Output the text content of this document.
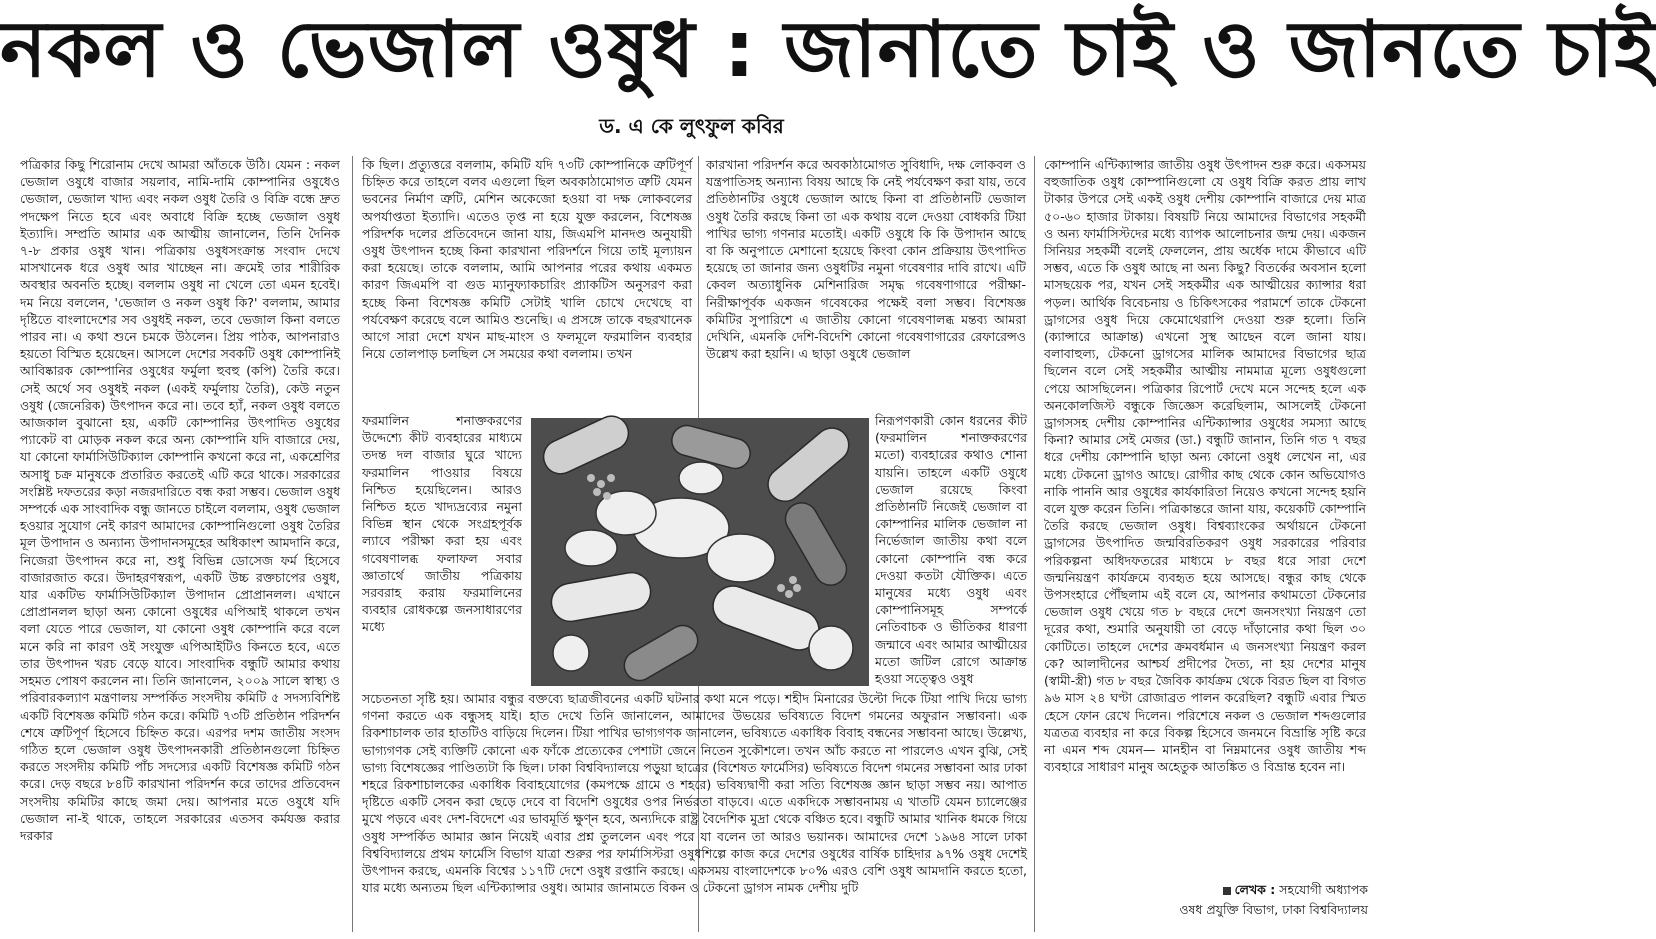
নকল ও ভেজাল ওষুধ : জানাতে চাই ও জানতে চাই
ড. এ কে লুৎফুল কবির

পত্রিকার কিছু শিরোনাম দেখে আমরা আঁতকে উঠি। যেমন : নকল ভেজাল ওষুধে বাজার সয়লাব, নামি-দামি কোম্পানির ওষুধেও ভেজাল, ভেজাল খাদ্য এবং নকল ওষুধ তৈরি ও বিক্রি বন্ধে দ্রুত পদক্ষেপ নিতে হবে এবং অবাধে বিক্রি হচ্ছে ভেজাল ওষুধ ইত্যাদি। সম্প্রতি আমার এক আত্মীয় জানালেন, তিনি দৈনিক ৭-৮ প্রকার ওষুধ খান। পত্রিকায় ওষুধসংক্রান্ত সংবাদ দেখে মাসখানেক ধরে ওষুধ আর খাচ্ছেন না। ক্রমেই তার শারীরিক অবস্থার অবনতি হচ্ছে। বললাম ওষুধ না খেলে তো এমন হবেই। দম নিয়ে বললেন, 'ভেজাল ও নকল ওষুধ কি?' বললাম, আমার দৃষ্টিতে বাংলাদেশের সব ওষুধই নকল, তবে ভেজাল কিনা বলতে পারব না। এ কথা শুনে চমকে উঠলেন। প্রিয় পাঠক, আপনারাও হয়তো বিস্মিত হয়েছেন। আসলে দেশের সবকটি ওষুধ কোম্পানিই আবিষ্কারক কোম্পানির ওষুধের ফর্মুলা হুবহু (কপি) তৈরি করে। সেই অর্থে সব ওষুধই নকল (একই ফর্মুলায় তৈরি), কেউ নতুন ওষুধ (জেনেরিক) উৎপাদন করে না। তবে হ্যাঁ, নকল ওষুধ বলতে আজকাল বুঝানো হয়, একটি কোম্পানির উৎপাদিত ওষুধের প্যাকেট বা মোড়ক নকল করে অন্য কোম্পানি যদি বাজারে দেয়, যা কোনো ফার্মাসিউটিক্যাল কোম্পানি কখনো করে না, একশ্রেণির অসাধু চক্র মানুষকে প্রতারিত করতেই এটি করে থাকে। সরকারের সংশ্লিষ্ট দফতরের কড়া নজরদারিতে বন্ধ করা সম্ভব। ভেজাল ওষুধ সম্পর্কে এক সাংবাদিক বন্ধু জানতে চাইলে বললাম, ওষুধ ভেজাল হওয়ার সুযোগ নেই কারণ আমাদের কোম্পানিগুলো ওষুধ তৈরির মূল উপাদান ও অন্যান্য উপাদানসমূহের অধিকাংশ আমদানি করে, নিজেরা উৎপাদন করে না, শুধু বিভিন্ন ডোসেজ ফর্ম হিসেবে বাজারজাত করে। উদাহরণস্বরূপ, একটি উচ্চ রক্তচাপের ওষুধ, যার একটিভ ফার্মাসিউটিক্যাল উপাদান প্রোপ্রানলল। এখানে প্রোপ্রানলল ছাড়া অন্য কোনো ওষুধের এপিআই থাকলে তখন বলা যেতে পারে ভেজাল, যা কোনো ওষুধ কোম্পানি করে বলে মনে করি না কারণ ওই সংযুক্ত এপিআইটিও কিনতে হবে, এতে তার উৎপাদন খরচ বেড়ে যাবে। সাংবাদিক বন্ধুটি আমার কথায় সহমত পোষণ করলেন না। তিনি জানালেন, ২০০৯ সালে স্বাস্থ্য ও পরিবারকল্যাণ মন্ত্রণালয় সম্পর্কিত সংসদীয় কমিটি ৫ সদস্যবিশিষ্ট একটি বিশেষজ্ঞ কমিটি গঠন করে। কমিটি ৭৩টি প্রতিষ্ঠান পরিদর্শন শেষে ত্রুটিপূর্ণ হিসেবে চিহ্নিত করে। এরপর দশম জাতীয় সংসদ গঠিত হলে ভেজাল ওষুধ উৎপাদনকারী প্রতিষ্ঠানগুলো চিহ্নিত করতে সংসদীয় কমিটি পাঁচ সদস্যের একটি বিশেষজ্ঞ কমিটি গঠন করে। দেড় বছরে ৮৪টি কারখানা পরিদর্শন করে তাদের প্রতিবেদন সংসদীয় কমিটির কাছে জমা দেয়। আপনার মতে ওষুধে যদি ভেজাল না-ই থাকে, তাহলে সরকারের এতসব কর্মযজ্ঞ করার দরকার

কি ছিল। প্রত্যুত্তরে বললাম, কমিটি যদি ৭৩টি কোম্পানিকে ত্রুটিপূর্ণ চিহ্নিত করে তাহলে বলব এগুলো ছিল অবকাঠামোগত ত্রুটি যেমন ভবনের নির্মাণ ত্রুটি, মেশিন অকেজো হওয়া বা দক্ষ লোকবলের অপর্যাপ্ততা ইত্যাদি। এতেও তৃপ্ত না হয়ে যুক্ত করলেন, বিশেষজ্ঞ পরিদর্শক দলের প্রতিবেদনে জানা যায়, জিএমপি মানদণ্ড অনুযায়ী ওষুধ উৎপাদন হচ্ছে কিনা কারখানা পরিদর্শনে গিয়ে তাই মূল্যায়ন করা হয়েছে। তাকে বললাম, আমি আপনার পরের কথায় একমত কারণ জিএমপি বা গুড ম্যানুফ্যাকচারিং প্র্যাকটিস অনুসরণ করা হচ্ছে কিনা বিশেষজ্ঞ কমিটি সেটাই খালি চোখে দেখেছে বা পর্যবেক্ষণ করেছে বলে আমিও শুনেছি। এ প্রসঙ্গে তাকে বছরখানেক আগে সারা দেশে যখন মাছ-মাংস ও ফলমূলে ফরমালিন ব্যবহার নিয়ে তোলপাড় চলছিল সে সময়ের কথা বললাম। তখন

কারখানা পরিদর্শন করে অবকাঠামোগত সুবিধাদি, দক্ষ লোকবল ও যন্ত্রপাতিসহ অন্যান্য বিষয় আছে কি নেই পর্যবেক্ষণ করা যায়, তবে প্রতিষ্ঠানটির ওষুধে ভেজাল আছে কিনা বা প্রতিষ্ঠানটি ভেজাল ওষুধ তৈরি করছে কিনা তা এক কথায় বলে দেওয়া বোধকরি টিয়া পাখির ভাগ্য গণনার মতোই। একটি ওষুধে কি কি উপাদান আছে বা কি অনুপাতে মেশানো হয়েছে কিংবা কোন প্রক্রিয়ায় উৎপাদিত হয়েছে তা জানার জন্য ওষুধটির নমুনা গবেষণার দাবি রাখে। এটি কেবল অত্যাধুনিক মেশিনারিজ সমৃদ্ধ গবেষণাগারে পরীক্ষা-নিরীক্ষাপূর্বক একজন গবেষকের পক্ষেই বলা সম্ভব। বিশেষজ্ঞ কমিটির সুপারিশে এ জাতীয় কোনো গবেষণালব্ধ মন্তব্য আমরা দেখিনি, এমনকি দেশি-বিদেশি কোনো গবেষণাগারের রেফারেন্সও উল্লেখ করা হয়নি। এ ছাড়া ওষুধে ভেজাল

ফরমালিন শনাক্তকরণের উদ্দেশ্যে কীট ব্যবহারের মাধ্যমে তদন্ত দল বাজার ঘুরে খাদ্যে ফরমালিন পাওয়ার বিষয়ে নিশ্চিত হয়েছিলেন। আরও নিশ্চিত হতে খাদ্যদ্রব্যের নমুনা বিভিন্ন স্থান থেকে সংগ্রহপূর্বক ল্যাবে পরীক্ষা করা হয় এবং গবেষণালব্ধ ফলাফল সবার জ্ঞাতার্থে জাতীয় পত্রিকায় সরবরাহ করায় ফরমালিনের ব্যবহার রোধকল্পে জনসাধারণের মধ্যে

নিরূপণকারী কোন ধরনের কীট (ফরমালিন শনাক্তকরণের মতো) ব্যবহারের কথাও শোনা যায়নি। তাহলে একটি ওষুধে ভেজাল রয়েছে কিংবা প্রতিষ্ঠানটি নিজেই ভেজাল বা কোম্পানির মালিক ভেজাল না নির্ভেজাল জাতীয় কথা বলে কোনো কোম্পানি বন্ধ করে দেওয়া কতটা যৌক্তিক। এতে মানুষের মধ্যে ওষুধ এবং কোম্পানিসমূহ সম্পর্কে নেতিবাচক ও ভীতিকর ধারণা জন্মাবে এবং আমার আত্মীয়ের মতো জটিল রোগে আক্রান্ত হওয়া সত্ত্বেও ওষুধ

সচেতনতা সৃষ্টি হয়। আমার বন্ধুর বক্তব্যে ছাত্রজীবনের একটি ঘটনার কথা মনে পড়ে। শহীদ মিনারের উল্টো দিকে টিয়া পাখি দিয়ে ভাগ্য গণনা করতে এক বন্ধুসহ যাই। হাত দেখে তিনি জানালেন, আমাদের উভয়ের ভবিষ্যতে বিদেশ গমনের অফুরান সম্ভাবনা। এক রিকশাচালক তার হাতটিও বাড়িয়ে দিলেন। টিয়া পাখির ভাগ্যগণক জানালেন, ভবিষ্যতে একাধিক বিবাহ বন্ধনের সম্ভাবনা আছে। উল্লেখ্য, ভাগ্যগণক সেই ব্যক্তিটি কোনো এক ফাঁকে প্রত্যেকের পেশাটা জেনে নিতেন সুকৌশলে। তখন আঁচ করতে না পারলেও এখন বুঝি, সেই ভাগ্য বিশেষজ্ঞের পাণ্ডিত্যটা কি ছিল। ঢাকা বিশ্ববিদ্যালয়ে পড়ুয়া ছাত্রের (বিশেষত ফার্মেসির) ভবিষ্যতে বিদেশ গমনের সম্ভাবনা আর ঢাকা শহরে রিকশাচালকের একাধিক বিবাহযোগের (কমপক্ষে গ্রামে ও শহরে) ভবিষ্যদ্বাণী করা সত্যি বিশেষজ্ঞ জ্ঞান ছাড়া সম্ভব নয়। আপাত দৃষ্টিতে একটি সেবন করা ছেড়ে দেবে বা বিদেশি ওষুধের ওপর নির্ভরতা বাড়বে। এতে একদিকে সম্ভাবনাময় এ খাতটি যেমন চ্যালেঞ্জের মুখে পড়বে এবং দেশ-বিদেশে এর ভাবমূর্তি ক্ষুণ্ন হবে, অন্যদিকে রাষ্ট্র বৈদেশিক মুদ্রা থেকে বঞ্চিত হবে। বন্ধুটি আমার খানিক ধমকে গিয়ে ওষুধ সম্পর্কিত আমার জ্ঞান নিয়েই এবার প্রশ্ন তুললেন এবং পরে যা বলেন তা আরও ভয়ানক। আমাদের দেশে ১৯৬৪ সালে ঢাকা বিশ্ববিদ্যালয়ে প্রথম ফার্মেসি বিভাগ যাত্রা শুরুর পর ফার্মাসিস্টরা ওষুধশিল্পে কাজ করে দেশের ওষুধের বার্ষিক চাহিদার ৯৭% ওষুধ দেশেই উৎপাদন করছে, এমনকি বিশ্বের ১১৭টি দেশে ওষুধ রপ্তানি করছে। একসময় বাংলাদেশকে ৮০% এরও বেশি ওষুধ আমদানি করতে হতো, যার মধ্যে অন্যতম ছিল এন্টিক্যান্সার ওষুধ। আমার জানামতে বিকন ও টেকনো ড্রাগস নামক দেশীয় দুটি

কোম্পানি এন্টিক্যান্সার জাতীয় ওষুধ উৎপাদন শুরু করে। একসময় বহুজাতিক ওষুধ কোম্পানিগুলো যে ওষুধ বিক্রি করত প্রায় লাখ টাকার উপরে সেই একই ওষুধ দেশীয় কোম্পানি বাজারে দেয় মাত্র ৫০-৬০ হাজার টাকায়। বিষয়টি নিয়ে আমাদের বিভাগের সহকর্মী ও অন্য ফার্মাসিস্টদের মধ্যে ব্যাপক আলোচনার জন্ম দেয়। একজন সিনিয়র সহকর্মী বলেই ফেললেন, প্রায় অর্ধেক দামে কীভাবে এটি সম্ভব, এতে কি ওষুধ আছে না অন্য কিছু? বিতর্কের অবসান হলো মাসছয়েক পর, যখন সেই সহকর্মীর এক আত্মীয়ের ক্যান্সার ধরা পড়ল। আর্থিক বিবেচনায় ও চিকিৎসকের পরামর্শে তাকে টেকনো ড্রাগসের ওষুধ দিয়ে কেমোথেরাপি দেওয়া শুরু হলো। তিনি (ক্যান্সারে আক্রান্ত) এখনো সুস্থ আছেন বলে জানা যায়। বলাবাহুল্য, টেকনো ড্রাগসের মালিক আমাদের বিভাগের ছাত্র ছিলেন বলে সেই সহকর্মীর আত্মীয় নামমাত্র মূল্যে ওষুধগুলো পেয়ে আসছিলেন। পত্রিকার রিপোর্ট দেখে মনে সন্দেহ হলে এক অনকোলজিস্ট বন্ধুকে জিজ্ঞেস করেছিলাম, আসলেই টেকনো ড্রাগসসহ দেশীয় কোম্পানির এন্টিক্যান্সার ওষুধের সমস্যা আছে কিনা? আমার সেই মেজর (ডা.) বন্ধুটি জানান, তিনি গত ৭ বছর ধরে দেশীয় কোম্পানি ছাড়া অন্য কোনো ওষুধ লেখেন না, এর মধ্যে টেকনো ড্রাগও আছে। রোগীর কাছ থেকে কোন অভিযোগও নাকি পাননি আর ওষুধের কার্যকারিতা নিয়েও কখনো সন্দেহ হয়নি বলে যুক্ত করেন তিনি। পত্রিকান্তরে জানা যায়, কয়েকটি কোম্পানি তৈরি করছে ভেজাল ওষুধ। বিশ্বব্যাংকের অর্থায়নে টেকনো ড্রাগসের উৎপাদিত জন্মবিরতিকরণ ওষুধ সরকারের পরিবার পরিকল্পনা অধিদফতরের মাধ্যমে ৮ বছর ধরে সারা দেশে জন্মনিয়ন্ত্রণ কার্যক্রমে ব্যবহৃত হয়ে আসছে। বন্ধুর কাছ থেকে উপসংহারে পৌঁছলাম এই বলে যে, আপনার কথামতো টেকনোর ভেজাল ওষুধ খেয়ে গত ৮ বছরে দেশে জনসংখ্যা নিয়ন্ত্রণ তো দূরের কথা, শুমারি অনুযায়ী তা বেড়ে দাঁড়ানোর কথা ছিল ৩০ কোটিতে। তাহলে দেশের ক্রমবর্ধমান এ জনসংখ্যা নিয়ন্ত্রণ করল কে? আলাদীনের আশ্চর্য প্রদীপের দৈত্য, না হয় দেশের মানুষ (স্বামী-স্ত্রী) গত ৮ বছর জৈবিক কার্যক্রম থেকে বিরত ছিল বা বিগত ৯৬ মাস ২৪ ঘণ্টা রোজাব্রত পালন করেছিল? বন্ধুটি এবার স্মিত হেসে ফোন রেখে দিলেন। পরিশেষে নকল ও ভেজাল শব্দগুলোর যত্রতত্র ব্যবহার না করে বিকল্প হিসেবে জনমনে বিভ্রান্তি সৃষ্টি করে না এমন শব্দ যেমন— মানহীন বা নিম্নমানের ওষুধ জাতীয় শব্দ ব্যবহারে সাধারণ মানুষ অহেতুক আতঙ্কিত ও বিভ্রান্ত হবেন না।

লেখক : সহযোগী অধ্যাপক
ওষধ প্রযুক্তি বিভাগ, ঢাকা বিশ্ববিদ্যালয়
